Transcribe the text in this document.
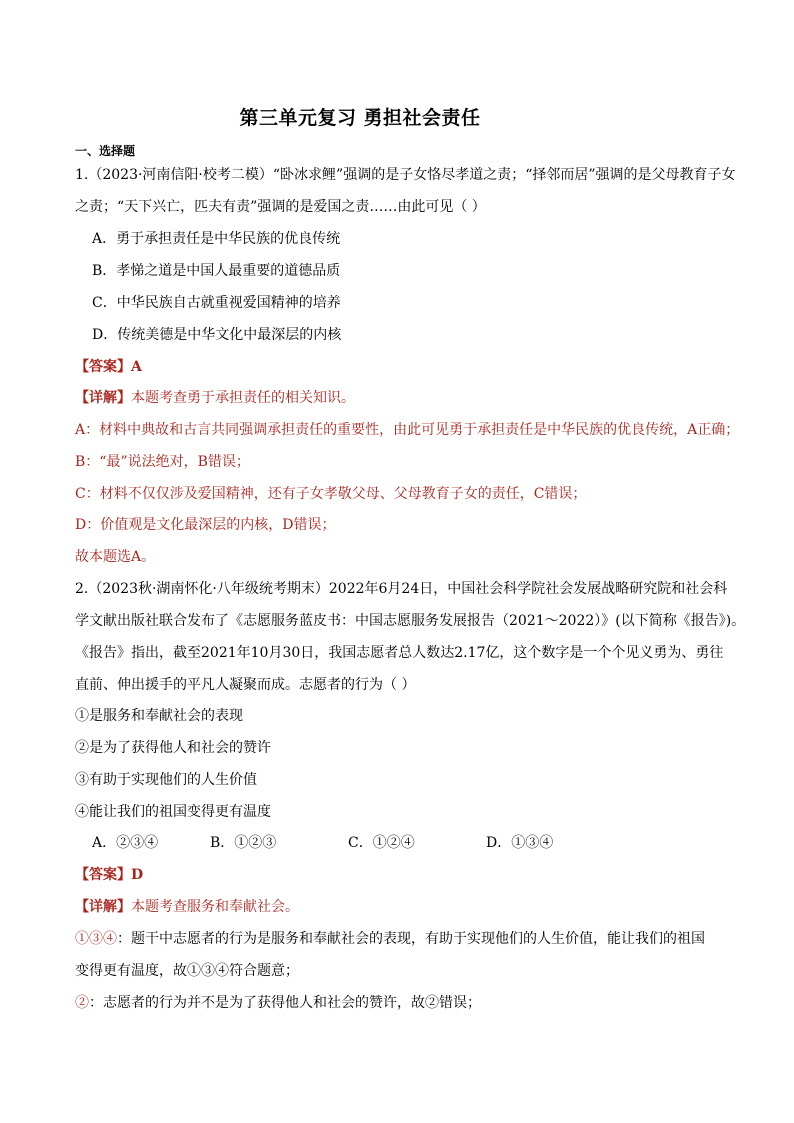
第三单元复习 勇担社会责任
一、选择题
1.（2023·河南信阳·校考二模）“卧冰求鲤”强调的是子女恪尽孝道之责；“择邻而居”强调的是父母教育子女
之责；“天下兴亡，匹夫有责”强调的是爱国之责……由此可见（ ）
A．勇于承担责任是中华民族的优良传统
B．孝悌之道是中国人最重要的道德品质
C．中华民族自古就重视爱国精神的培养
D．传统美德是中华文化中最深层的内核
【答案】A
【详解】本题考查勇于承担责任的相关知识。
A：材料中典故和古言共同强调承担责任的重要性，由此可见勇于承担责任是中华民族的优良传统，A正确；
B：“最”说法绝对，B错误；
C：材料不仅仅涉及爱国精神，还有子女孝敬父母、父母教育子女的责任，C错误；
D：价值观是文化最深层的内核，D错误；
故本题选A。
2.（2023秋·湖南怀化·八年级统考期末）2022年6月24日，中国社会科学院社会发展战略研究院和社会科
学文献出版社联合发布了《志愿服务蓝皮书：中国志愿服务发展报告（2021～2022）》(以下简称《报告》)。
《报告》指出，截至2021年10月30日，我国志愿者总人数达2.17亿，这个数字是一个个见义勇为、勇往
直前、伸出援手的平凡人凝聚而成。志愿者的行为（ ）
①是服务和奉献社会的表现
②是为了获得他人和社会的赞许
③有助于实现他们的人生价值
④能让我们的祖国变得更有温度
A．②③④	B．①②③	C．①②④	D．①③④
【答案】D
【详解】本题考查服务和奉献社会。
①③④：题干中志愿者的行为是服务和奉献社会的表现，有助于实现他们的人生价值，能让我们的祖国
变得更有温度，故①③④符合题意；
②：志愿者的行为并不是为了获得他人和社会的赞许，故②错误；
